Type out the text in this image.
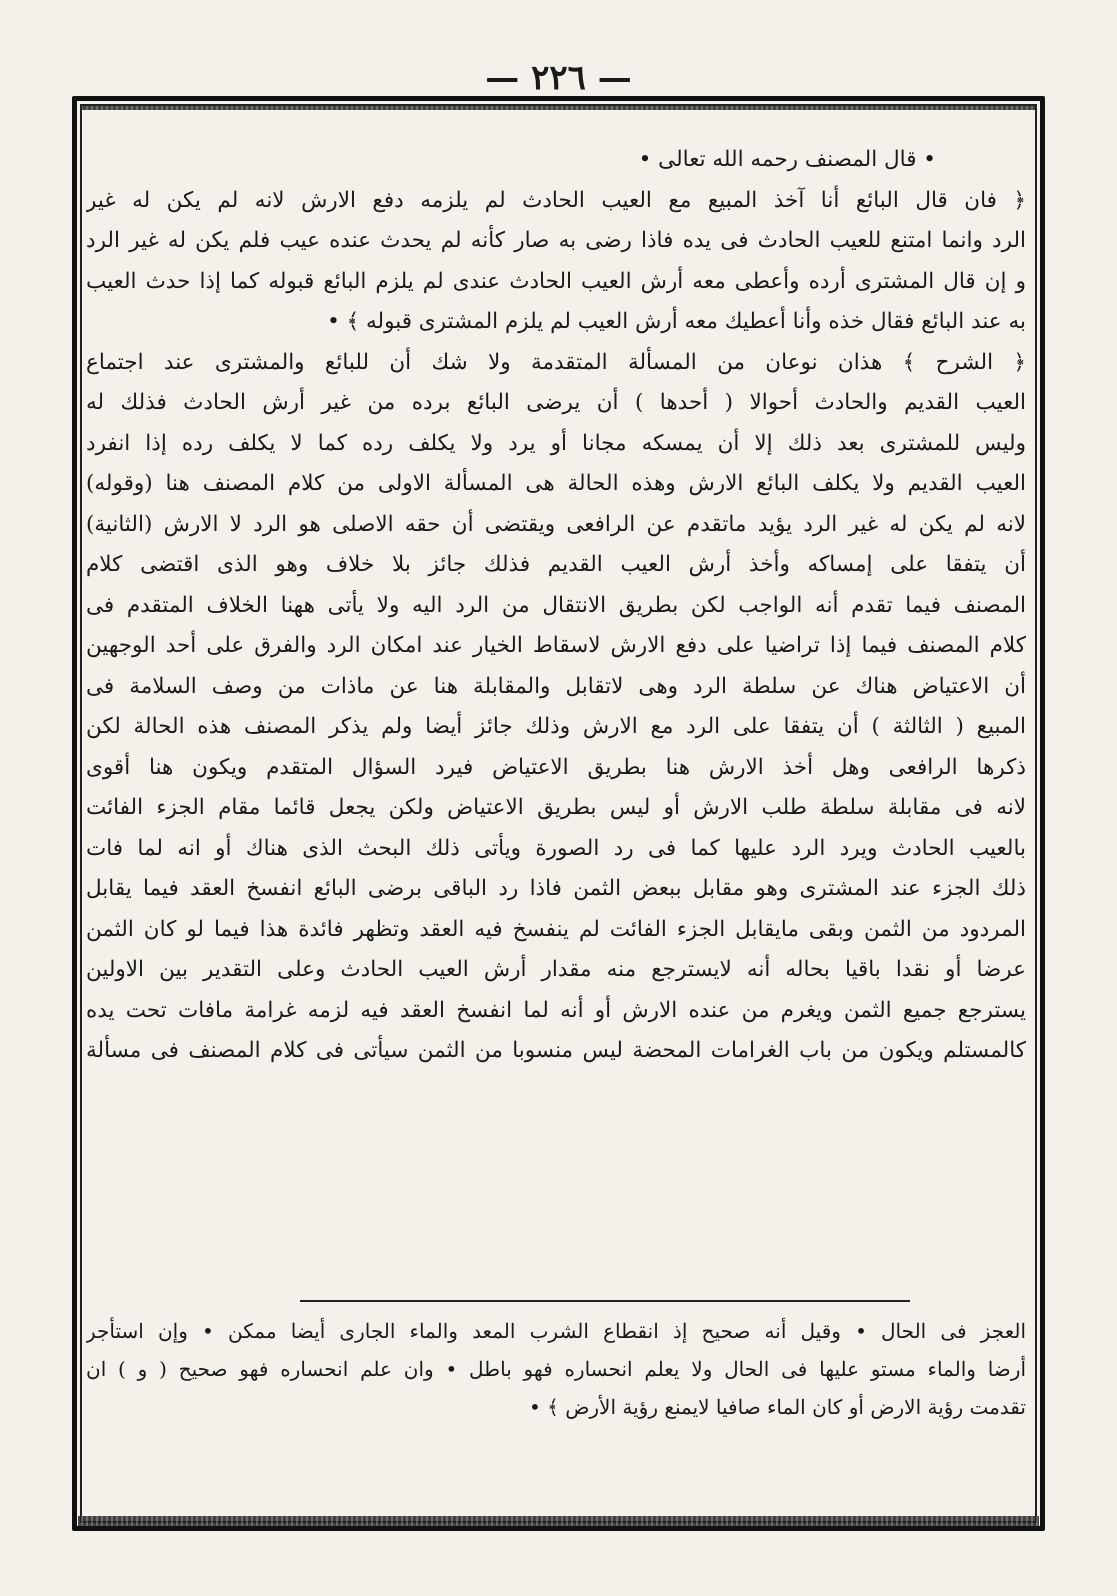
— ٢٢٦ —
• قال المصنف رحمه الله تعالى •
﴿ فان قال البائع أنا آخذ المبيع مع العيب الحادث لم يلزمه دفع الارش لانه لم يكن له غير
الرد وانما امتنع للعيب الحادث فى يده فاذا رضى به صار كأنه لم يحدث عنده عيب فلم يكن له غير الرد
و إن قال المشترى أرده وأعطى معه أرش العيب الحادث عندى لم يلزم البائع قبوله كما إذا حدث العيب
به عند البائع فقال خذه وأنا أعطيك معه أرش العيب لم يلزم المشترى قبوله ﴾ •
﴿ الشرح ﴾ هذان نوعان من المسألة المتقدمة ولا شك أن للبائع والمشترى عند اجتماع
العيب القديم والحادث أحوالا ( أحدها ) أن يرضى البائع برده من غير أرش الحادث فذلك له
وليس للمشترى بعد ذلك إلا أن يمسكه مجانا أو يرد ولا يكلف رده كما لا يكلف رده إذا انفرد
العيب القديم ولا يكلف البائع الارش وهذه الحالة هى المسألة الاولى من كلام المصنف هنا (وقوله)
لانه لم يكن له غير الرد يؤيد ماتقدم عن الرافعى ويقتضى أن حقه الاصلى هو الرد لا الارش (الثانية)
أن يتفقا على إمساكه وأخذ أرش العيب القديم فذلك جائز بلا خلاف وهو الذى اقتضى كلام
المصنف فيما تقدم أنه الواجب لكن بطريق الانتقال من الرد اليه ولا يأتى ههنا الخلاف المتقدم فى
كلام المصنف فيما إذا تراضيا على دفع الارش لاسقاط الخيار عند امكان الرد والفرق على أحد الوجهين
أن الاعتياض هناك عن سلطة الرد وهى لاتقابل والمقابلة هنا عن ماذات من وصف السلامة فى
المبيع ( الثالثة ) أن يتفقا على الرد مع الارش وذلك جائز أيضا ولم يذكر المصنف هذه الحالة لكن
ذكرها الرافعى وهل أخذ الارش هنا بطريق الاعتياض فيرد السؤال المتقدم ويكون هنا أقوى
لانه فى مقابلة سلطة طلب الارش أو ليس بطريق الاعتياض ولكن يجعل قائما مقام الجزء الفائت
بالعيب الحادث ويرد الرد عليها كما فى رد الصورة ويأتى ذلك البحث الذى هناك أو انه لما فات
ذلك الجزء عند المشترى وهو مقابل ببعض الثمن فاذا رد الباقى برضى البائع انفسخ العقد فيما يقابل
المردود من الثمن وبقى مايقابل الجزء الفائت لم ينفسخ فيه العقد وتظهر فائدة هذا فيما لو كان الثمن
عرضا أو نقدا باقيا بحاله أنه لايسترجع منه مقدار أرش العيب الحادث وعلى التقدير بين الاولين
يسترجع جميع الثمن ويغرم من عنده الارش أو أنه لما انفسخ العقد فيه لزمه غرامة مافات تحت يده
كالمستلم ويكون من باب الغرامات المحضة ليس منسوبا من الثمن سيأتى فى كلام المصنف فى مسألة
العجز فى الحال • وقيل أنه صحيح إذ انقطاع الشرب المعد والماء الجارى أيضا ممكن • وإن استأجر
أرضا والماء مستو عليها فى الحال ولا يعلم انحساره فهو باطل • وان علم انحساره فهو صحيح ( و ) ان
تقدمت رؤية الارض أو كان الماء صافيا لايمنع رؤية الأرض ﴾ •
